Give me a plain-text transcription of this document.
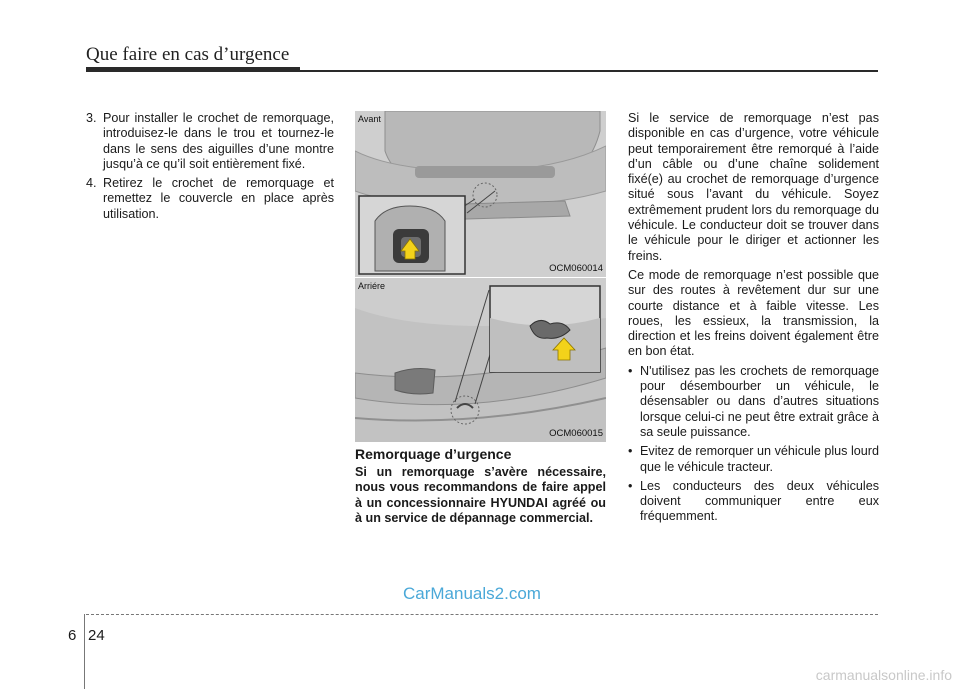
Que faire en cas d’urgence
3. Pour installer le crochet de remorquage, introduisez-le dans le trou et tournez-le dans le sens des aiguilles d’une montre jusqu’à ce qu’il soit entièrement fixé.
4. Retirez le crochet de remorquage et remettez le couvercle en place après utilisation.
Avant
OCM060014
Arriére
OCM060015
Remorquage d’urgence

Si un remorquage s’avère nécessaire, nous vous recommandons de faire appel à un concessionnaire HYUNDAI agréé ou à un service de dépannage commercial.

Si le service de remorquage n’est pas disponible en cas d’urgence, votre véhicule peut temporairement être remorqué à l’aide d’un câble ou d’une chaîne solidement fixé(e) au crochet de remorquage d’urgence situé sous l’avant du véhicule. Soyez extrêmement prudent lors du remorquage du véhicule. Le conducteur doit se trouver dans le véhicule pour le diriger et actionner les freins.

Ce mode de remorquage n’est possible que sur des routes à revêtement dur sur une courte distance et à faible vitesse. Les roues, les essieux, la transmission, la direction et les freins doivent également être en bon état.

• N'utilisez pas les crochets de remorquage pour désembourber un véhicule, le désensabler ou dans d’autres situations lorsque celui-ci ne peut être extrait grâce à sa seule puissance.
• Evitez de remorquer un véhicule plus lourd que le véhicule tracteur.
• Les conducteurs des deux véhicules doivent communiquer entre eux fréquemment.
CarManuals2.com
6 24
carmanualsonline.info
